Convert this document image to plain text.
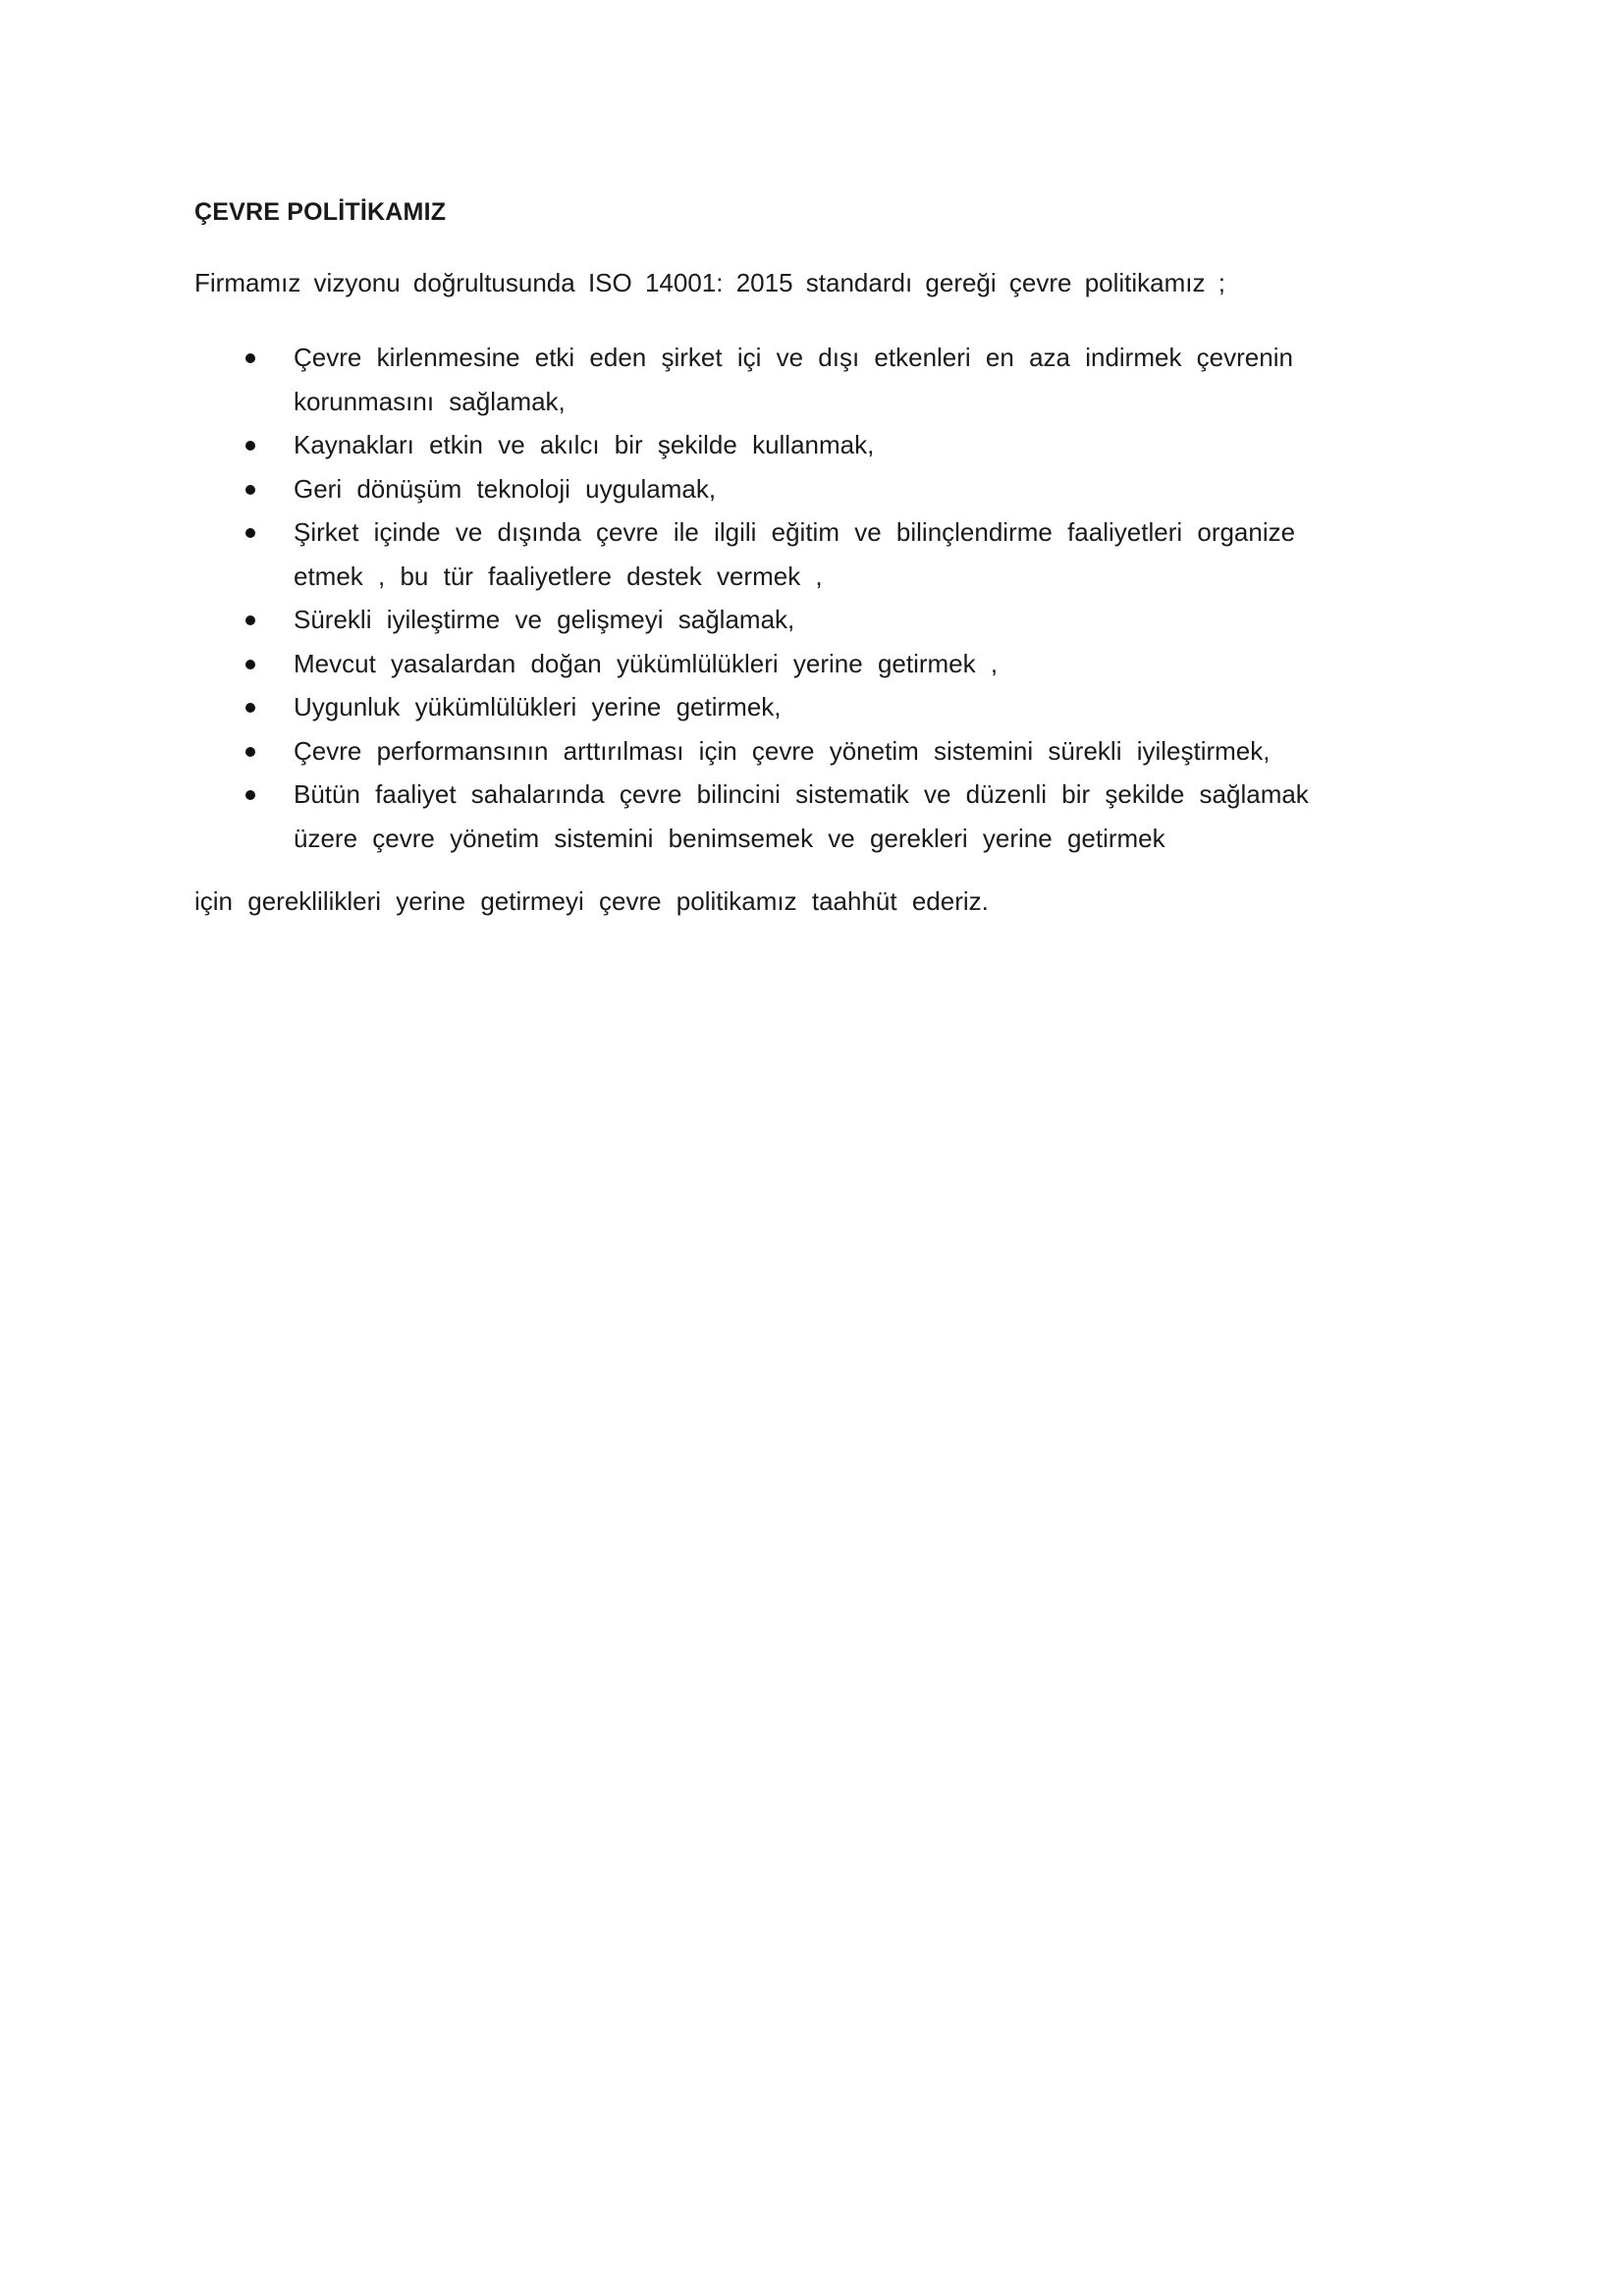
ÇEVRE POLİTİKAMIZ
Firmamız vizyonu doğrultusunda ISO 14001: 2015 standardı gereği çevre politikamız ;
Çevre kirlenmesine etki eden şirket içi ve dışı etkenleri en aza indirmek çevrenin
korunmasını sağlamak,
Kaynakları etkin ve akılcı bir şekilde kullanmak,
Geri dönüşüm teknoloji uygulamak,
Şirket içinde ve dışında çevre ile ilgili eğitim ve bilinçlendirme faaliyetleri organize
etmek , bu tür faaliyetlere destek vermek ,
Sürekli iyileştirme ve gelişmeyi sağlamak,
Mevcut yasalardan doğan yükümlülükleri yerine getirmek ,
Uygunluk yükümlülükleri yerine getirmek,
Çevre performansının arttırılması için çevre yönetim sistemini sürekli iyileştirmek,
Bütün faaliyet sahalarında çevre bilincini sistematik ve düzenli bir şekilde sağlamak
üzere çevre yönetim sistemini benimsemek ve gerekleri yerine getirmek
için gereklilikleri yerine getirmeyi çevre politikamız taahhüt ederiz.
